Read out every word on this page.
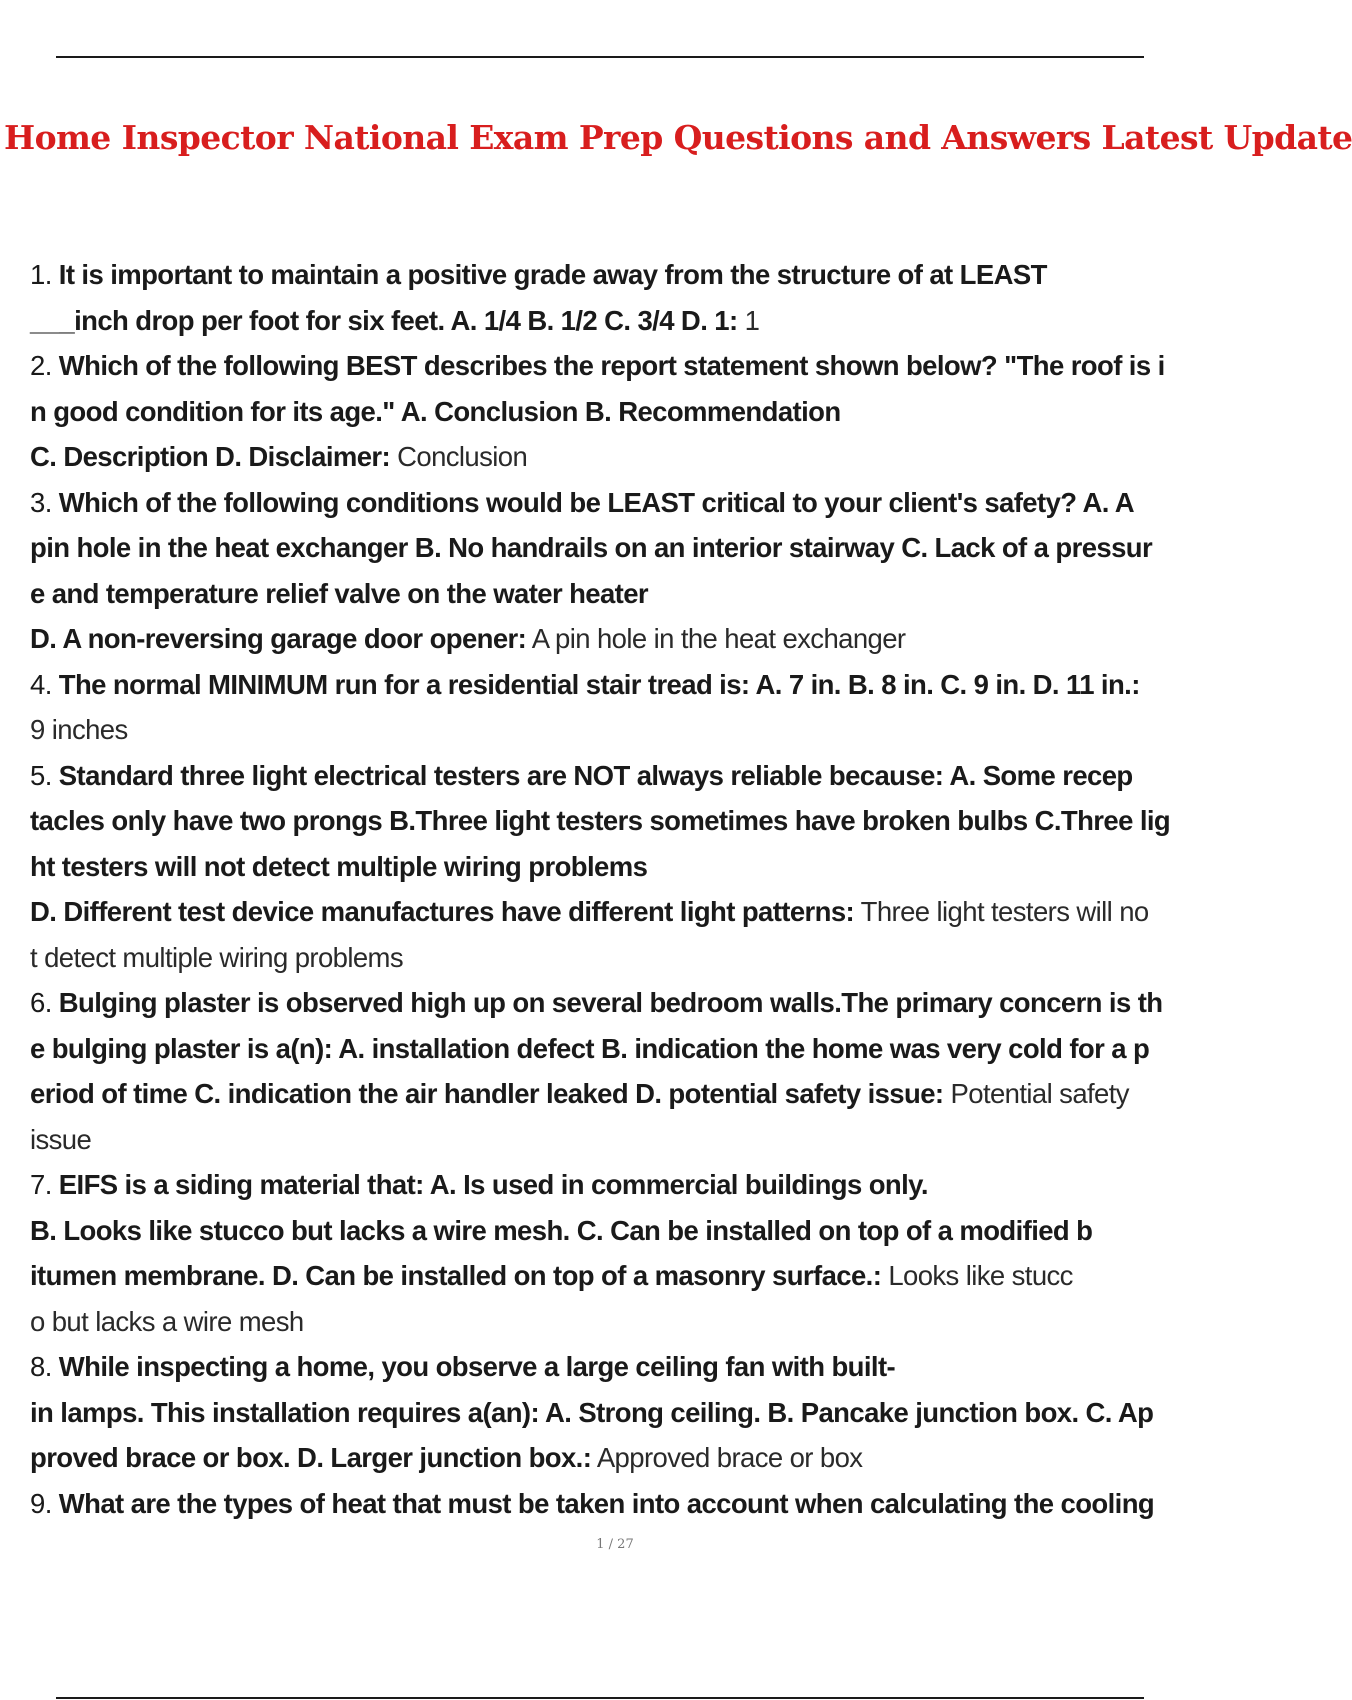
Home Inspector National Exam Prep Questions and Answers Latest Update
1. It is important to maintain a positive grade away from the structure of at LEAST
___inch drop per foot for six feet. A. 1/4 B. 1/2 C. 3/4 D. 1: 1
2. Which of the following BEST describes the report statement shown below? "The roof is i
n good condition for its age." A. Conclusion B. Recommendation
C. Description D. Disclaimer: Conclusion
3. Which of the following conditions would be LEAST critical to your client's safety? A. A
pin hole in the heat exchanger B. No handrails on an interior stairway C. Lack of a pressur
e and temperature relief valve on the water heater
D. A non-reversing garage door opener: A pin hole in the heat exchanger
4. The normal MINIMUM run for a residential stair tread is: A. 7 in. B. 8 in. C. 9 in. D. 11 in.:
9 inches
5. Standard three light electrical testers are NOT always reliable because: A. Some recep
tacles only have two prongs B.Three light testers sometimes have broken bulbs C.Three lig
ht testers will not detect multiple wiring problems
D. Different test device manufactures have different light patterns: Three light testers will no
t detect multiple wiring problems
6. Bulging plaster is observed high up on several bedroom walls.The primary concern is th
e bulging plaster is a(n): A. installation defect B. indication the home was very cold for a p
eriod of time C. indication the air handler leaked D. potential safety issue: Potential safety
issue
7. EIFS is a siding material that: A. Is used in commercial buildings only.
B. Looks like stucco but lacks a wire mesh. C. Can be installed on top of a modified b
itumen membrane. D. Can be installed on top of a masonry surface.: Looks like stucc
o but lacks a wire mesh
8. While inspecting a home, you observe a large ceiling fan with built-
in lamps. This installation requires a(an): A. Strong ceiling. B. Pancake junction box. C. Ap
proved brace or box. D. Larger junction box.: Approved brace or box
9. What are the types of heat that must be taken into account when calculating the cooling
1 / 27
